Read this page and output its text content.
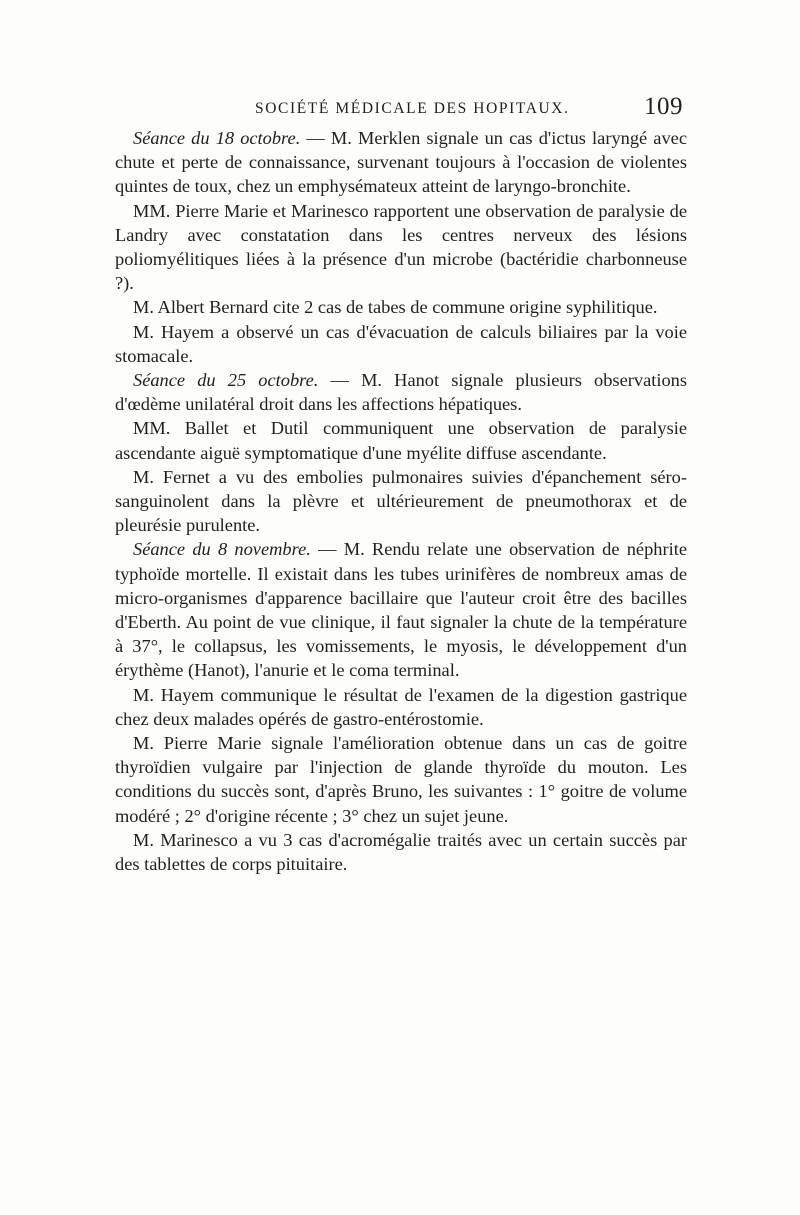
SOCIÉTÉ MÉDICALE DES HOPITAUX.	109

Séance du 18 octobre. — M. Merklen signale un cas d'ictus laryngé avec chute et perte de connaissance, survenant toujours à l'occasion de violentes quintes de toux, chez un emphysémateux atteint de laryngo-bronchite.

MM. Pierre Marie et Marinesco rapportent une observation de paralysie de Landry avec constatation dans les centres nerveux des lésions poliomyélitiques liées à la présence d'un microbe (bactéridie charbonneuse ?).

M. Albert Bernard cite 2 cas de tabes de commune origine syphilitique.

M. Hayem a observé un cas d'évacuation de calculs biliaires par la voie stomacale.

Séance du 25 octobre. — M. Hanot signale plusieurs observations d'œdème unilatéral droit dans les affections hépatiques.

MM. Ballet et Dutil communiquent une observation de paralysie ascendante aiguë symptomatique d'une myélite diffuse ascendante.

M. Fernet a vu des embolies pulmonaires suivies d'épanchement séro-sanguinolent dans la plèvre et ultérieurement de pneumothorax et de pleurésie purulente.

Séance du 8 novembre. — M. Rendu relate une observation de néphrite typhoïde mortelle. Il existait dans les tubes urinifères de nombreux amas de micro-organismes d'apparence bacillaire que l'auteur croit être des bacilles d'Eberth. Au point de vue clinique, il faut signaler la chute de la température à 37°, le collapsus, les vomissements, le myosis, le développement d'un érythème (Hanot), l'anurie et le coma terminal.

M. Hayem communique le résultat de l'examen de la digestion gastrique chez deux malades opérés de gastro-entérostomie.

M. Pierre Marie signale l'amélioration obtenue dans un cas de goitre thyroïdien vulgaire par l'injection de glande thyroïde du mouton. Les conditions du succès sont, d'après Bruno, les suivantes : 1° goitre de volume modéré ; 2° d'origine récente ; 3° chez un sujet jeune.

M. Marinesco a vu 3 cas d'acromégalie traités avec un certain succès par des tablettes de corps pituitaire.
